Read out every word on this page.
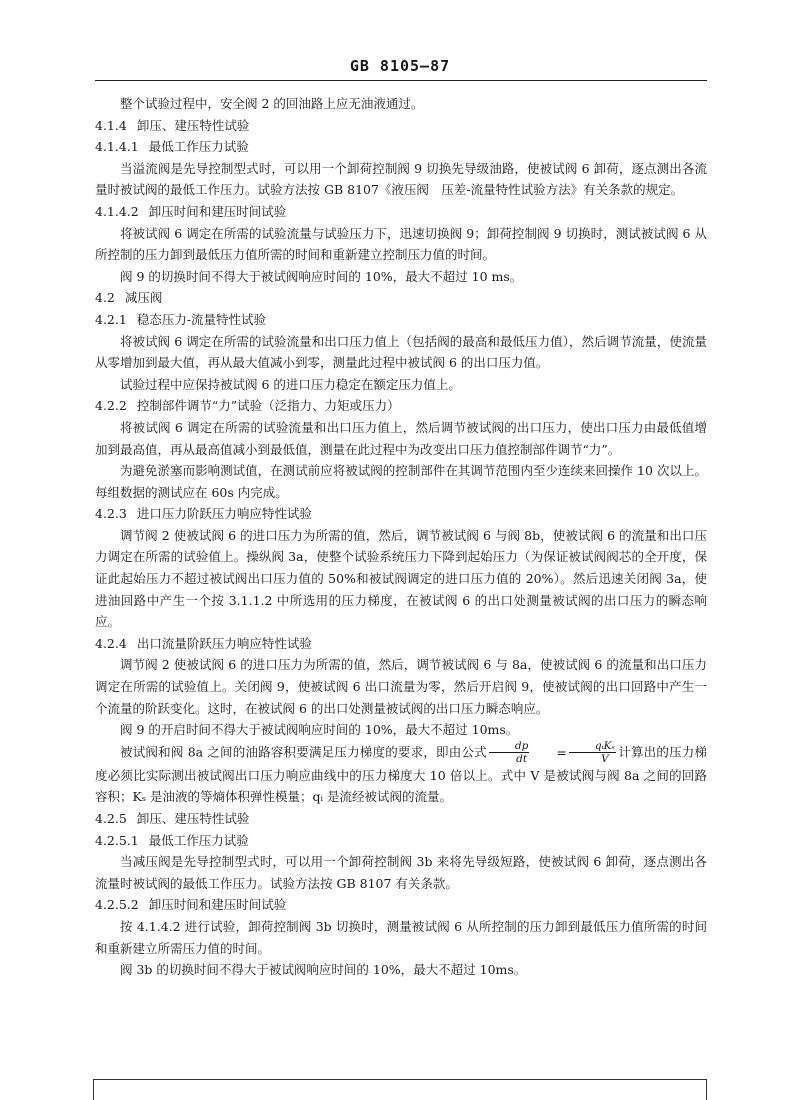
GB 8105—87

整个试验过程中，安全阀 2 的回油路上应无油液通过。

4.1.4 卸压、建压特性试验

4.1.4.1 最低工作压力试验

当溢流阀是先导控制型式时，可以用一个卸荷控制阀 9 切换先导级油路，使被试阀 6 卸荷，逐点测出各流量时被试阀的最低工作压力。试验方法按 GB 8107《液压阀　压差-流量特性试验方法》有关条款的规定。

4.1.4.2 卸压时间和建压时间试验

将被试阀 6 调定在所需的试验流量与试验压力下，迅速切换阀 9；卸荷控制阀 9 切换时，测试被试阀 6 从所控制的压力卸到最低压力值所需的时间和重新建立控制压力值的时间。

阀 9 的切换时间不得大于被试阀响应时间的 10%，最大不超过 10 ms。

4.2 减压阀

4.2.1 稳态压力-流量特性试验

将被试阀 6 调定在所需的试验流量和出口压力值上（包括阀的最高和最低压力值），然后调节流量，使流量从零增加到最大值，再从最大值减小到零，测量此过程中被试阀 6 的出口压力值。

试验过程中应保持被试阀 6 的进口压力稳定在额定压力值上。

4.2.2 控制部件调节“力”试验（泛指力、力矩或压力）

将被试阀 6 调定在所需的试验流量和出口压力值上，然后调节被试阀的出口压力，使出口压力由最低值增加到最高值，再从最高值减小到最低值，测量在此过程中为改变出口压力值控制部件调节“力”。

为避免淤塞而影响测试值，在测试前应将被试阀的控制部件在其调节范围内至少连续来回操作 10 次以上。每组数据的测试应在 60s 内完成。

4.2.3 进口压力阶跃压力响应特性试验

调节阀 2 使被试阀 6 的进口压力为所需的值，然后，调节被试阀 6 与阀 8b，使被试阀 6 的流量和出口压力调定在所需的试验值上。操纵阀 3a，使整个试验系统压力下降到起始压力（为保证被试阀阀芯的全开度，保证此起始压力不超过被试阀出口压力值的 50%和被试阀调定的进口压力值的 20%）。然后迅速关闭阀 3a，使进油回路中产生一个按 3.1.1.2 中所选用的压力梯度，在被试阀 6 的出口处测量被试阀的出口压力的瞬态响应。

4.2.4 出口流量阶跃压力响应特性试验

调节阀 2 使被试阀 6 的进口压力为所需的值，然后，调节被试阀 6 与 8a，使被试阀 6 的流量和出口压力调定在所需的试验值上。关闭阀 9，使被试阀 6 出口流量为零，然后开启阀 9，使被试阀的出口回路中产生一个流量的阶跃变化。这时，在被试阀 6 的出口处测量被试阀的出口压力瞬态响应。

阀 9 的开启时间不得大于被试阀响应时间的 10%，最大不超过 10ms。

被试阀和阀 8a 之间的油路容积要满足压力梯度的要求，即由公式 $\frac{dp}{dt}$	= $\frac{\text{qᵢKₛ}}{V}$ 计算出的压力梯度必须比实际测出被试阀出口压力响应曲线中的压力梯度大 10 倍以上。式中 V 是被试阀与阀 8a 之间的回路容积；Kₛ 是油液的等熵体积弹性模量；qᵢ 是流经被试阀的流量。

4.2.5 卸压、建压特性试验

4.2.5.1 最低工作压力试验

当减压阀是先导控制型式时，可以用一个卸荷控制阀 3b 来将先导级短路，使被试阀 6 卸荷，逐点测出各流量时被试阀的最低工作压力。试验方法按 GB 8107 有关条款。

4.2.5.2 卸压时间和建压时间试验

按 4.1.4.2 进行试验，卸荷控制阀 3b 切换时，测量被试阀 6 从所控制的压力卸到最低压力值所需的时间和重新建立所需压力值的时间。

阀 3b 的切换时间不得大于被试阀响应时间的 10%，最大不超过 10ms。
